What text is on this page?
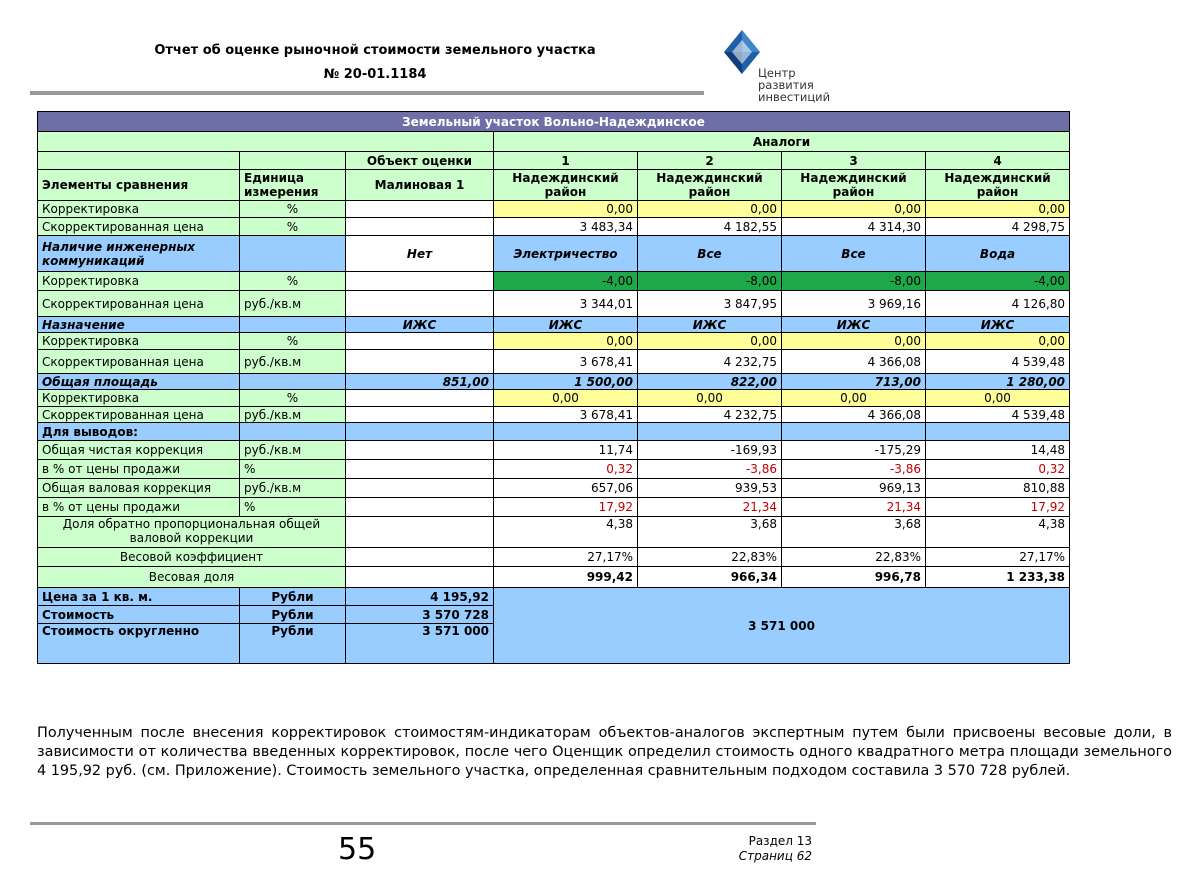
Отчет об оценке рыночной стоимости земельного участка
№ 20-01.1184	Центр
развития
инвестиций
Земельный участок Вольно-Надеждинское						
			Аналоги			
		Объект оценки	1	2	3	4
Элементы сравнения	Единица измерения	Малиновая 1	Надеждинский район	Надеждинский район	Надеждинский район	Надеждинский район
Корректировка	%		0,00	0,00	0,00	0,00
Скорректированная цена	%		3 483,34	4 182,55	4 314,30	4 298,75
Наличие инженерных коммуникаций		Нет	Электричество	Все	Все	Вода
Корректировка	%		-4,00	-8,00	-8,00	-4,00
Скорректированная цена	руб./кв.м		3 344,01	3 847,95	3 969,16	4 126,80
Назначение		ИЖС	ИЖС	ИЖС	ИЖС	ИЖС
Корректировка	%		0,00	0,00	0,00	0,00
Скорректированная цена	руб./кв.м		3 678,41	4 232,75	4 366,08	4 539,48
Общая площадь		851,00	1 500,00	822,00	713,00	1 280,00
Корректировка	%		0,00	0,00	0,00	0,00
Скорректированная цена	руб./кв.м		3 678,41	4 232,75	4 366,08	4 539,48
Для выводов:						
Общая чистая коррекция	руб./кв.м		11,74	-169,93	-175,29	14,48
в % от цены продажи	%		0,32	-3,86	-3,86	0,32
Общая валовая коррекция	руб./кв.м		657,06	939,53	969,13	810,88
в % от цены продажи	%		17,92	21,34	21,34	17,92
Доля обратно пропорциональная общей валовой коррекции			4,38	3,68	3,68	4,38
Весовой коэффициент			27,17%	22,83%	22,83%	27,17%
Весовая доля			999,42	966,34	996,78	1 233,38
Цена за 1 кв. м.	Рубли	4 195,92	3 571 000			
Стоимость	Рубли	3 570 728				
Стоимость округленно	Рубли	3 571 000				
Полученным после внесения корректировок стоимостям-индикаторам объектов-аналогов экспертным путем были присвоены весовые доли, в зависимости от количества введенных корректировок, после чего Оценщик определил стоимость одного квадратного метра площади земельного 4 195,92 руб. (см. Приложение). Стоимость земельного участка, определенная сравнительным подходом составила 3 570 728 рублей.
55	Раздел 13
Страниц 62
